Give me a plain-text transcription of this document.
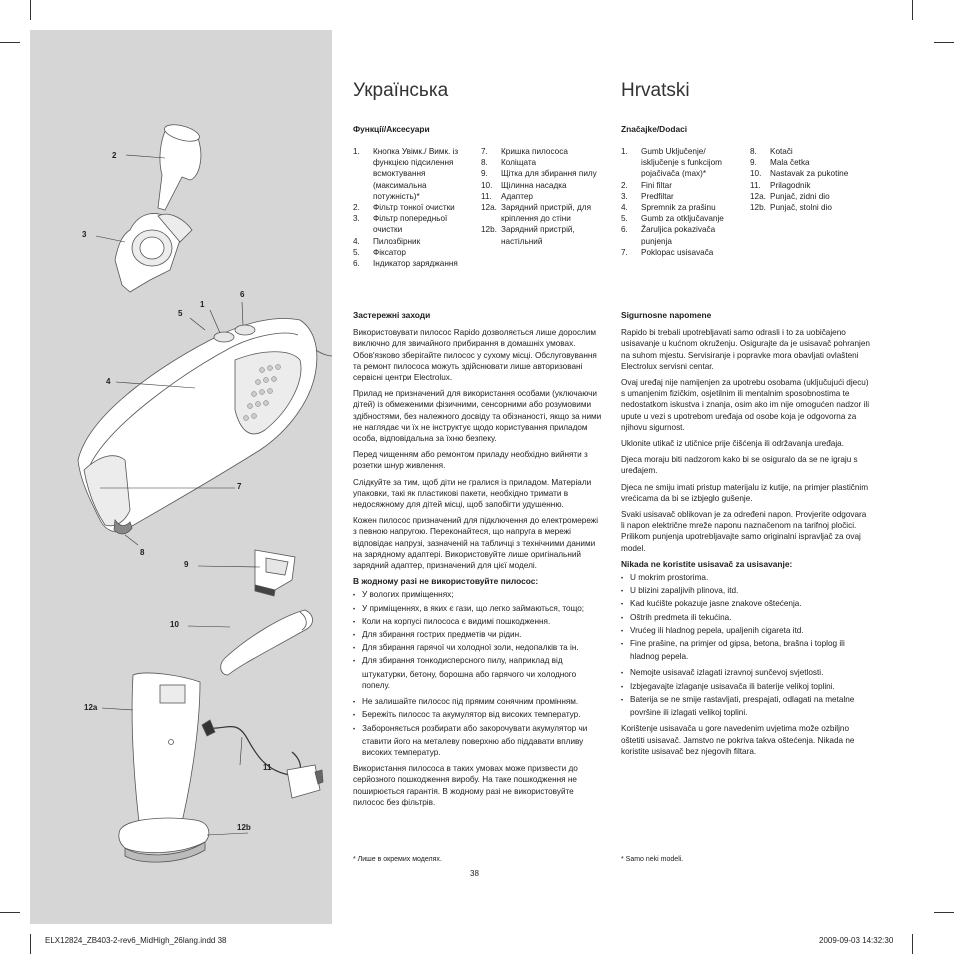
2
3
1
5
6
4
7
8
9
10
12a
11
12b
Українська
Функції/Аксесуари
1.	Кнопка Увімк./ Вимк. із функцією підсилення всмоктування (максимальна потужність)*
2.	Фільтр тонкої очистки
3.	Фільтр попередньої очистки
4.	Пилозбірник
5.	Фіксатор
6.	Індикатор заряджання
7.	Кришка пилососа
8.	Коліщата
9.	Щітка для збирання пилу
10.	Щілинна насадка
11.	Адаптер
12a. Зарядний пристрій, для кріплення до стіни
12b. Зарядний пристрій, настільний
Застережні заходи
Використовувати пилосос Rapido дозволяється лише дорослим виключно для звичайного прибирання в домашніх умовах. Обов'язково зберігайте пилосос у сухому місці. Обслуговування та ремонт пилососа можуть здійснювати лише авторизовані сервісні центри Electrolux.
Прилад не призначений для використання особами (уключаючи дітей) із обмеженими фізичними, сенсорними або розумовими здібностями, без належного досвіду та обізнаності, якщо за ними не наглядає чи їх не інструктує щодо користування приладом особа, відповідальна за їхню безпеку.
Перед чищенням або ремонтом приладу необхідно вийняти з розетки шнур живлення.
Слідкуйте за тим, щоб діти не гралися із приладом. Матеріали упаковки, такі як пластикові пакети, необхідно тримати в недосяжному для дітей місці, щоб запобігти удушенню.
Кожен пилосос призначений для підключення до електромережі з певною напругою. Переконайтеся, що напруга в мережі відповідає напрузі, зазначеній на табличці з технічними даними на зарядному адаптері. Використовуйте лише оригінальний зарядний адаптер, призначений для цієї моделі.
В жодному разі не використовуйте пилосос:
• У вологих приміщеннях;
• У приміщеннях, в яких є гази, що легко займаються, тощо;
• Коли на корпусі пилососа є видимі пошкодження.
• Для збирання гострих предметів чи рідин.
• Для збирання гарячої чи холодної золи, недопалків та ін.
• Для збирання тонкодисперсного пилу, наприклад від штукатурки, бетону, борошна або гарячого чи холодного попелу.
• Не залишайте пилосос під прямим сонячним промінням.
• Бережіть пилосос та акумулятор від високих температур.
• Забороняється розбирати або закорочувати акумулятор чи ставити його на металеву поверхню або піддавати впливу високих температур.
Використання пилососа в таких умовах може призвести до серйозного пошкодження виробу. На таке пошкодження не поширюється гарантія. В жодному разі не використовуйте пилосос без фільтрів.
* Лише в окремих моделях.
Hrvatski
Značajke/Dodaci
1.	Gumb Uključenje/ isključenje s funkcijom pojačivača (max)*
2.	Fini filtar
3.	Predfiltar
4.	Spremnik za prašinu
5.	Gumb za otključavanje
6.	Žaruljica pokazivača punjenja
7.	Poklopac usisavača
8.	Kotači
9.	Mala četka
10.	Nastavak za pukotine
11.	Prilagodnik
12a. Punjač, zidni dio
12b. Punjač, stolni dio
Sigurnosne napomene
Rapido bi trebali upotrebljavati samo odrasli i to za uobičajeno usisavanje u kućnom okruženju. Osigurajte da je usisavač pohranjen na suhom mjestu. Servisiranje i popravke mora obavljati ovlašteni Electrolux servisni centar.
Ovaj uređaj nije namijenjen za upotrebu osobama (uključujući djecu) s umanjenim fizičkim, osjetilnim ili mentalnim sposobnostima te nedostatkom iskustva i znanja, osim ako im nije omogućen nadzor ili upute u vezi s upotrebom uređaja od osobe koja je odgovorna za njihovu sigurnost.
Uklonite utikač iz utičnice prije čišćenja ili održavanja uređaja.
Djeca moraju biti nadzorom kako bi se osiguralo da se ne igraju s uređajem.
Djeca ne smiju imati pristup materijalu iz kutije, na primjer plastičnim vrećicama da bi se izbjeglo gušenje.
Svaki usisavač oblikovan je za određeni napon. Provjerite odgovara li napon električne mreže naponu naznačenom na tarifnoj pločici. Prilikom punjenja upotrebljavajte samo originalni ispravljač za ovaj model.
Nikada ne koristite usisavač za usisavanje:
• U mokrim prostorima.
• U blizini zapaljivih plinova, itd.
• Kad kućište pokazuje jasne znakove oštećenja.
• Oštrih predmeta ili tekućina.
• Vrućeg ili hladnog pepela, upaljenih cigareta itd.
• Fine prašine, na primjer od gipsa, betona, brašna i toplog ili hladnog pepela.
• Nemojte usisavač izlagati izravnoj sunčevoj svjetlosti.
• Izbjegavajte izlaganje usisavača ili baterije velikoj toplini.
• Baterija se ne smije rastavljati, prespajati, odlagati na metalne površine ili izlagati velikoj toplini.
Korištenje usisavača u gore navedenim uvjetima može ozbiljno oštetiti usisavač. Jamstvo ne pokriva takva oštećenja. Nikada ne koristite usisavač bez njegovih filtara.
* Samo neki modeli.
38
ELX12824_ZB403-2-rev6_MidHigh_26lang.indd 38	2009-09-03 14:32:30
